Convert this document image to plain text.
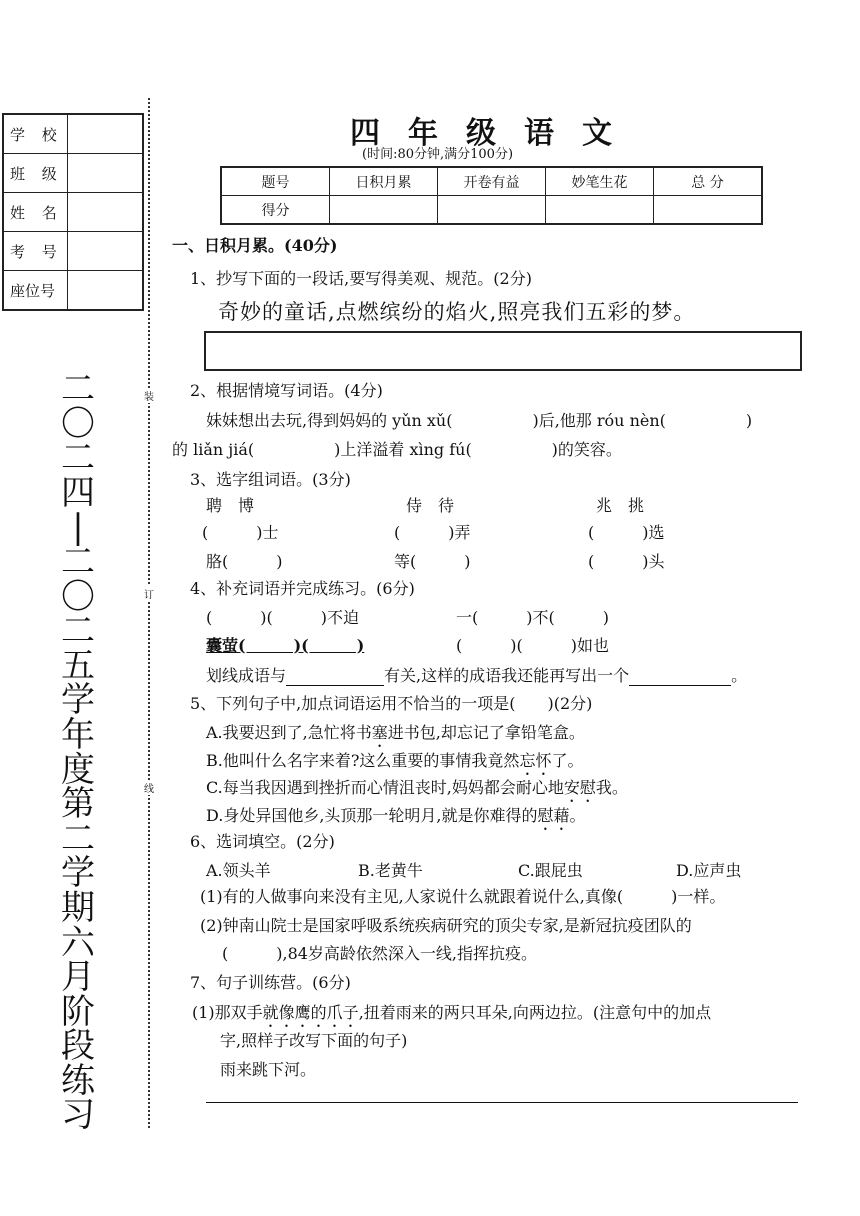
学 校	
班 级	
姓 名	
考 号	
座位号	
二
〇
二
四
|
二
〇
二
五
学
年
度
第
二
学
期
六
月
阶
段
练
习
装
订
线
四年级语文
(时间:80分钟,满分100分)
题号	日积月累	开卷有益	妙笔生花	总 分
得分				
一、日积月累。(40分)
1、抄写下面的一段话,要写得美观、规范。(2分)
奇妙的童话,点燃缤纷的焰火,照亮我们五彩的梦。
2、根据情境写词语。(4分)
妹妹想出去玩,得到妈妈的 yǔn xǔ(　　　　　)后,他那 róu nèn(　　　　　)
的 liǎn jiá(　　　　　)上洋溢着 xìng fú(　　　　　)的笑容。
3、选字组词语。(3分)
聘　博	侍　待	兆　挑
(　　　)士	(　　　)弄	(　　　)选
胳(　　　)	等(　　　)	(　　　)头
4、补充词语并完成练习。(6分)
(　　　)(　　　)不迫	一(　　　)不(　　　)
囊萤(　　　)(　　　)	(　　　)(　　　)如也
划线成语与	有关,这样的成语我还能再写出一个	。
5、下列句子中,加点词语运用不恰当的一项是(　　)(2分)
A.我要迟到了,急忙将书塞进书包,却忘记了拿铅笔盒。
B.他叫什么名字来着?这么重要的事情我竟然忘怀了。
C.每当我因遇到挫折而心情沮丧时,妈妈都会耐心地安慰我。
D.身处异国他乡,头顶那一轮明月,就是你难得的慰藉。
6、选词填空。(2分)
A.领头羊	B.老黄牛	C.跟屁虫	D.应声虫
(1)有的人做事向来没有主见,人家说什么就跟着说什么,真像(　　　)一样。
(2)钟南山院士是国家呼吸系统疾病研究的顶尖专家,是新冠抗疫团队的
(　　　),84岁高龄依然深入一线,指挥抗疫。
7、句子训练营。(6分)
(1)那双手就像鹰的爪子,扭着雨来的两只耳朵,向两边拉。(注意句中的加点
字,照样子改写下面的句子)
雨来跳下河。
